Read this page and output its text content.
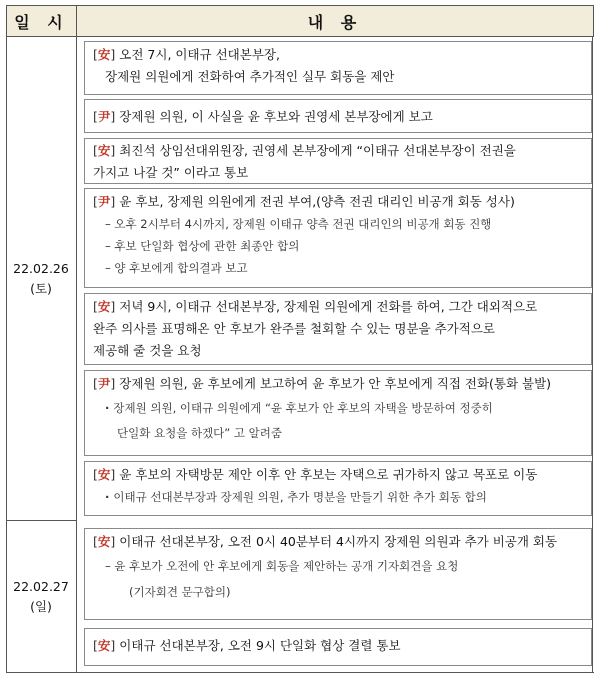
일 시	내 용
22.02.26
(토)
22.02.27
(일)
[安] 오전 7시, 이태규 선대본부장,
장제원 의원에게 전화하여 추가적인 실무 회동을 제안
[尹] 장제원 의원, 이 사실을 윤 후보와 권영세 본부장에게 보고
[安] 최진석 상임선대위원장, 권영세 본부장에게 “이태규 선대본부장이 전권을
가지고 나갈 것” 이라고 통보
[尹] 윤 후보, 장제원 의원에게 전권 부여,(양측 전권 대리인 비공개 회동 성사)
– 오후 2시부터 4시까지, 장제원 이태규 양측 전권 대리인의 비공개 회동 진행
– 후보 단일화 협상에 관한 최종안 합의
– 양 후보에게 합의결과 보고
[安] 저녁 9시, 이태규 선대본부장, 장제원 의원에게 전화를 하여, 그간 대외적으로
완주 의사를 표명해온 안 후보가 완주를 철회할 수 있는 명분을 추가적으로
제공해 줄 것을 요청
[尹] 장제원 의원, 윤 후보에게 보고하여 윤 후보가 안 후보에게 직접 전화(통화 불발)
· 장제원 의원, 이태규 의원에게 “윤 후보가 안 후보의 자택을 방문하여 정중히
단일화 요청을 하겠다” 고 알려줌
[安] 윤 후보의 자택방문 제안 이후 안 후보는 자택으로 귀가하지 않고 목포로 이동
· 이태규 선대본부장과 장제원 의원, 추가 명분을 만들기 위한 추가 회동 합의
[安] 이태규 선대본부장, 오전 0시 40분부터 4시까지 장제원 의원과 추가 비공개 회동
– 윤 후보가 오전에 안 후보에게 회동을 제안하는 공개 기자회견을 요청
(기자회견 문구합의)
[安] 이태규 선대본부장, 오전 9시 단일화 협상 결렬 통보
